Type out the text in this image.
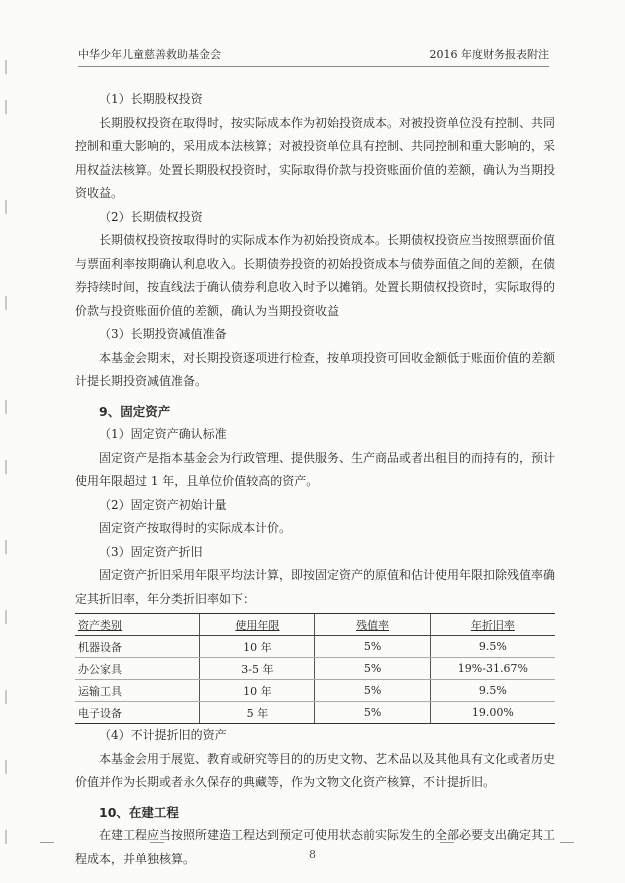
中华少年儿童慈善救助基金会	2016 年度财务报表附注

（1）长期股权投资

长期股权投资在取得时，按实际成本作为初始投资成本。对被投资单位没有控制、共同控制和重大影响的，采用成本法核算；对被投资单位具有控制、共同控制和重大影响的，采用权益法核算。处置长期股权投资时，实际取得价款与投资账面价值的差额，确认为当期投资收益。

（2）长期债权投资

长期债权投资按取得时的实际成本作为初始投资成本。长期债权投资应当按照票面价值与票面利率按期确认利息收入。长期债券投资的初始投资成本与债券面值之间的差额，在债券持续时间，按直线法于确认债券利息收入时予以摊销。处置长期债权投资时，实际取得的价款与投资账面价值的差额，确认为当期投资收益

（3）长期投资减值准备

本基金会期末，对长期投资逐项进行检查，按单项投资可回收金额低于账面价值的差额计提长期投资减值准备。

9、固定资产

（1）固定资产确认标准

固定资产是指本基金会为行政管理、提供服务、生产商品或者出租目的而持有的，预计使用年限超过 1 年，且单位价值较高的资产。

（2）固定资产初始计量

固定资产按取得时的实际成本计价。

（3）固定资产折旧

固定资产折旧采用年限平均法计算，即按固定资产的原值和估计使用年限扣除残值率确定其折旧率，年分类折旧率如下：

资产类别	使用年限	残值率	年折旧率
机器设备	10 年	5%	9.5%
办公家具	3-5 年	5%	19%-31.67%
运输工具	10 年	5%	9.5%
电子设备	5 年	5%	19.00%

（4）不计提折旧的资产

本基金会用于展览、教育或研究等目的的历史文物、艺术品以及其他具有文化或者历史价值并作为长期或者永久保存的典藏等，作为文物文化资产核算，不计提折旧。

10、在建工程

在建工程应当按照所建造工程达到预定可使用状态前实际发生的全部必要支出确定其工程成本，并单独核算。	8
